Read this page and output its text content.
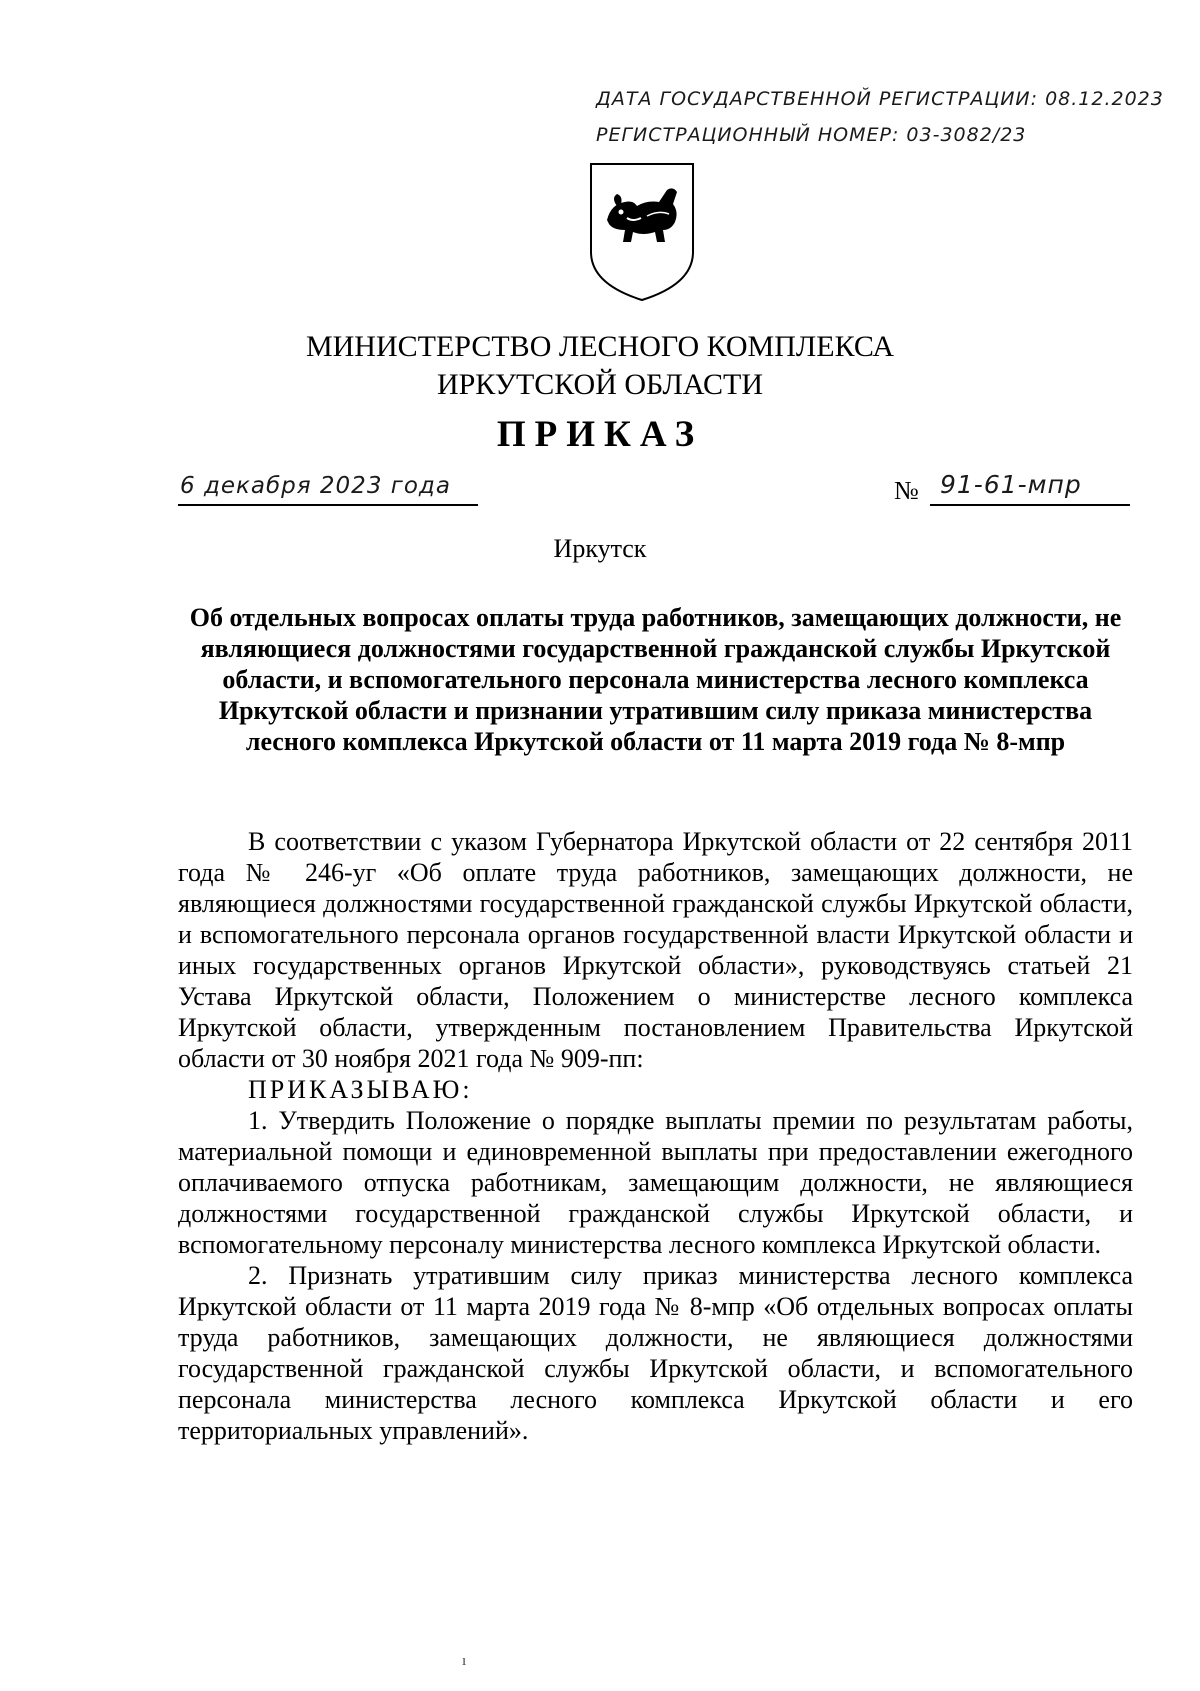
ДАТА ГОСУДАРСТВЕННОЙ РЕГИСТРАЦИИ: 08.12.2023
РЕГИСТРАЦИОННЫЙ НОМЕР: 03-3082/23
МИНИСТЕРСТВО ЛЕСНОГО КОМПЛЕКСА
ИРКУТСКОЙ ОБЛАСТИ
ПРИКАЗ
6 декабря 2023 года	№ 91-61-мпр
Иркутск
Об отдельных вопросах оплаты труда работников, замещающих должности, не являющиеся должностями государственной гражданской службы Иркутской области, и вспомогательного персонала министерства лесного комплекса Иркутской области и признании утратившим силу приказа министерства лесного комплекса Иркутской области от 11 марта 2019 года № 8-мпр

В соответствии с указом Губернатора Иркутской области от 22 сентября 2011 года № 246-уг «Об оплате труда работников, замещающих должности, не являющиеся должностями государственной гражданской службы Иркутской области, и вспомогательного персонала органов государственной власти Иркутской области и иных государственных органов Иркутской области», руководствуясь статьей 21 Устава Иркутской области, Положением о министерстве лесного комплекса Иркутской области, утвержденным постановлением Правительства Иркутской области от 30 ноября 2021 года № 909-пп:

ПРИКАЗЫВАЮ:

1. Утвердить Положение о порядке выплаты премии по результатам работы, материальной помощи и единовременной выплаты при предоставлении ежегодного оплачиваемого отпуска работникам, замещающим должности, не являющиеся должностями государственной гражданской службы Иркутской области, и вспомогательному персоналу министерства лесного комплекса Иркутской области.

2. Признать утратившим силу приказ министерства лесного комплекса Иркутской области от 11 марта 2019 года № 8-мпр «Об отдельных вопросах оплаты труда работников, замещающих должности, не являющиеся должностями государственной гражданской службы Иркутской области, и вспомогательного персонала министерства лесного комплекса Иркутской области и его территориальных управлений».

ı
